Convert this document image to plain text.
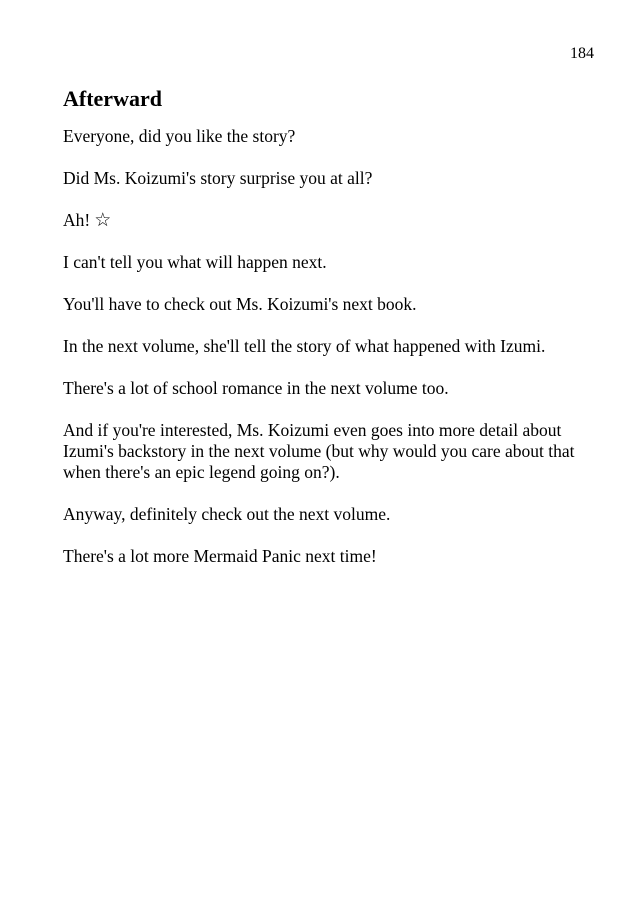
184
Afterward

Everyone, did you like the story?

Did Ms. Koizumi's story surprise you at all?

Ah! ☆

I can't tell you what will happen next.

You'll have to check out Ms. Koizumi's next book.

In the next volume, she'll tell the story of what happened with Izumi.

There's a lot of school romance in the next volume too.

And if you're interested, Ms. Koizumi even goes into more detail about Izumi's backstory in the next volume (but why would you care about that when there's an epic legend going on?).

Anyway, definitely check out the next volume.

There's a lot more Mermaid Panic next time!
